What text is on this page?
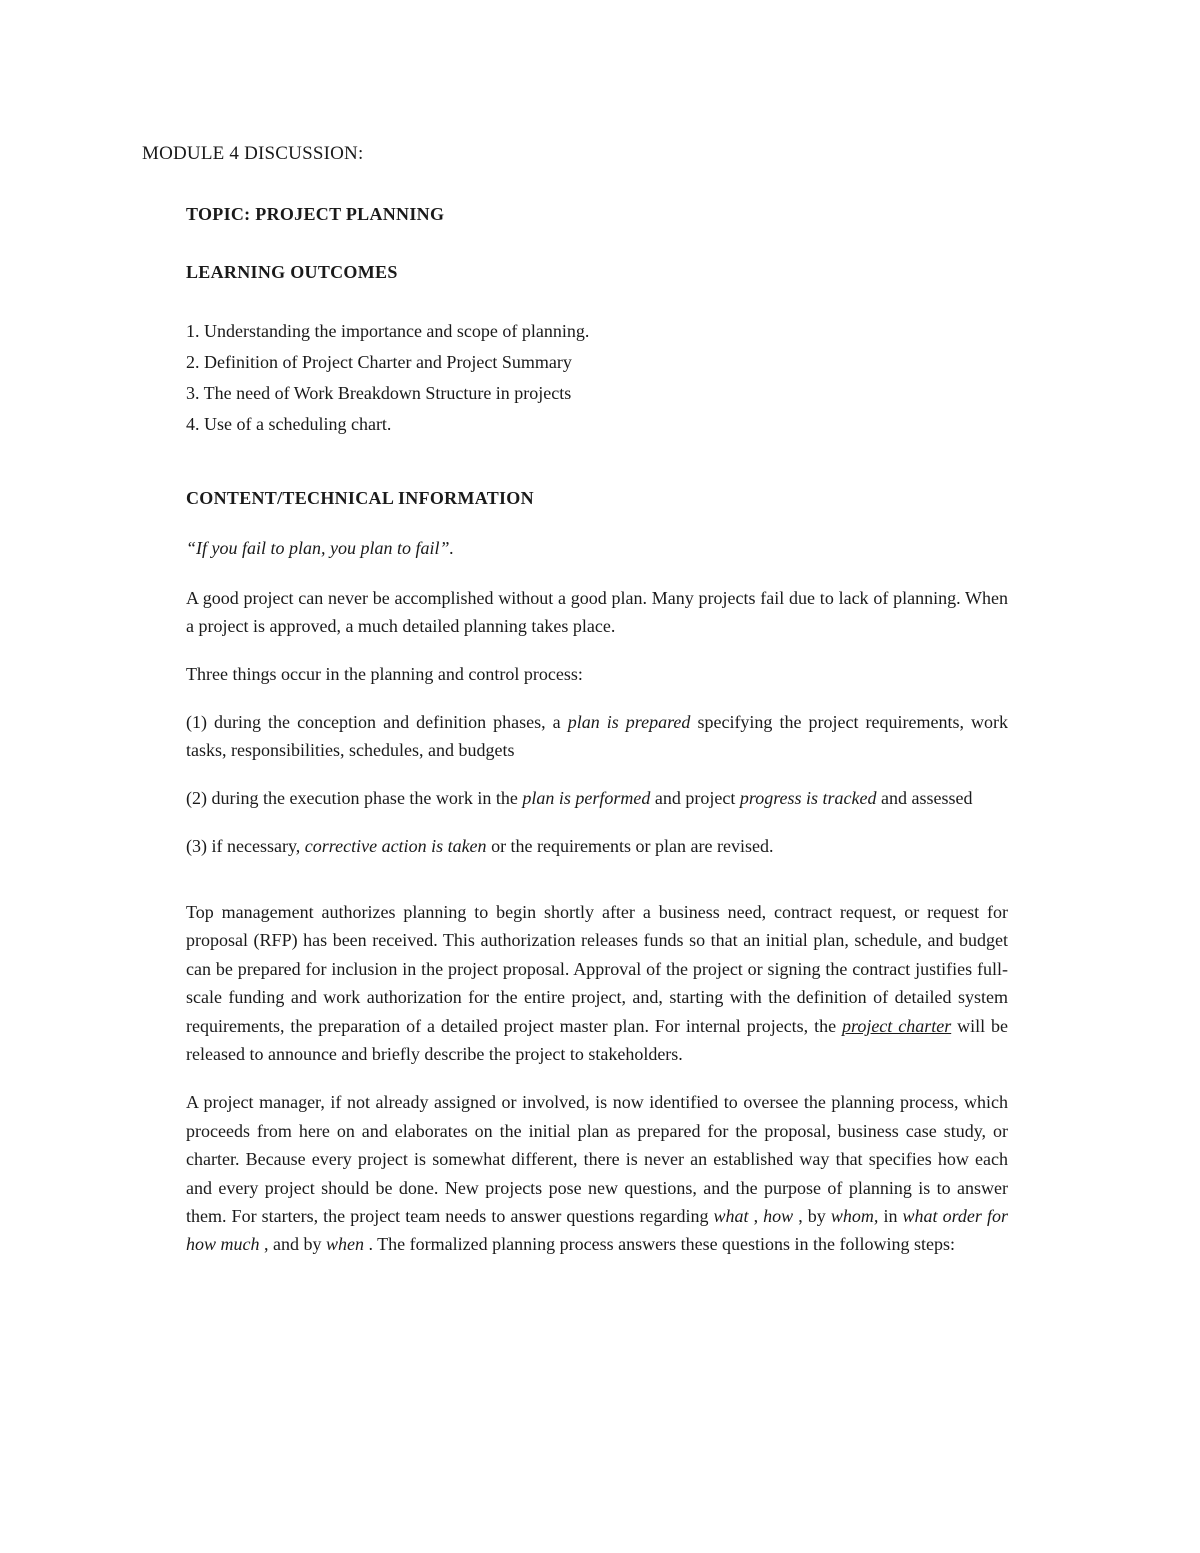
MODULE 4 DISCUSSION:

TOPIC: PROJECT PLANNING

LEARNING OUTCOMES

1. Understanding the importance and scope of planning.
2. Definition of Project Charter and Project Summary
3. The need of Work Breakdown Structure in projects
4. Use of a scheduling chart.

CONTENT/TECHNICAL INFORMATION

“If you fail to plan, you plan to fail”.

A good project can never be accomplished without a good plan. Many projects fail due to lack of planning. When a project is approved, a much detailed planning takes place.

Three things occur in the planning and control process:

(1) during the conception and definition phases, a plan is prepared specifying the project requirements, work tasks, responsibilities, schedules, and budgets

(2) during the execution phase the work in the plan is performed and project progress is tracked and assessed

(3) if necessary, corrective action is taken or the requirements or plan are revised.

Top management authorizes planning to begin shortly after a business need, contract request, or request for proposal (RFP) has been received. This authorization releases funds so that an initial plan, schedule, and budget can be prepared for inclusion in the project proposal. Approval of the project or signing the contract justifies full-scale funding and work authorization for the entire project, and, starting with the definition of detailed system requirements, the preparation of a detailed project master plan. For internal projects, the project charter will be released to announce and briefly describe the project to stakeholders.

A project manager, if not already assigned or involved, is now identified to oversee the planning process, which proceeds from here on and elaborates on the initial plan as prepared for the proposal, business case study, or charter. Because every project is somewhat different, there is never an established way that specifies how each and every project should be done. New projects pose new questions, and the purpose of planning is to answer them. For starters, the project team needs to answer questions regarding what , how , by whom, in what order for how much , and by when . The formalized planning process answers these questions in the following steps:
